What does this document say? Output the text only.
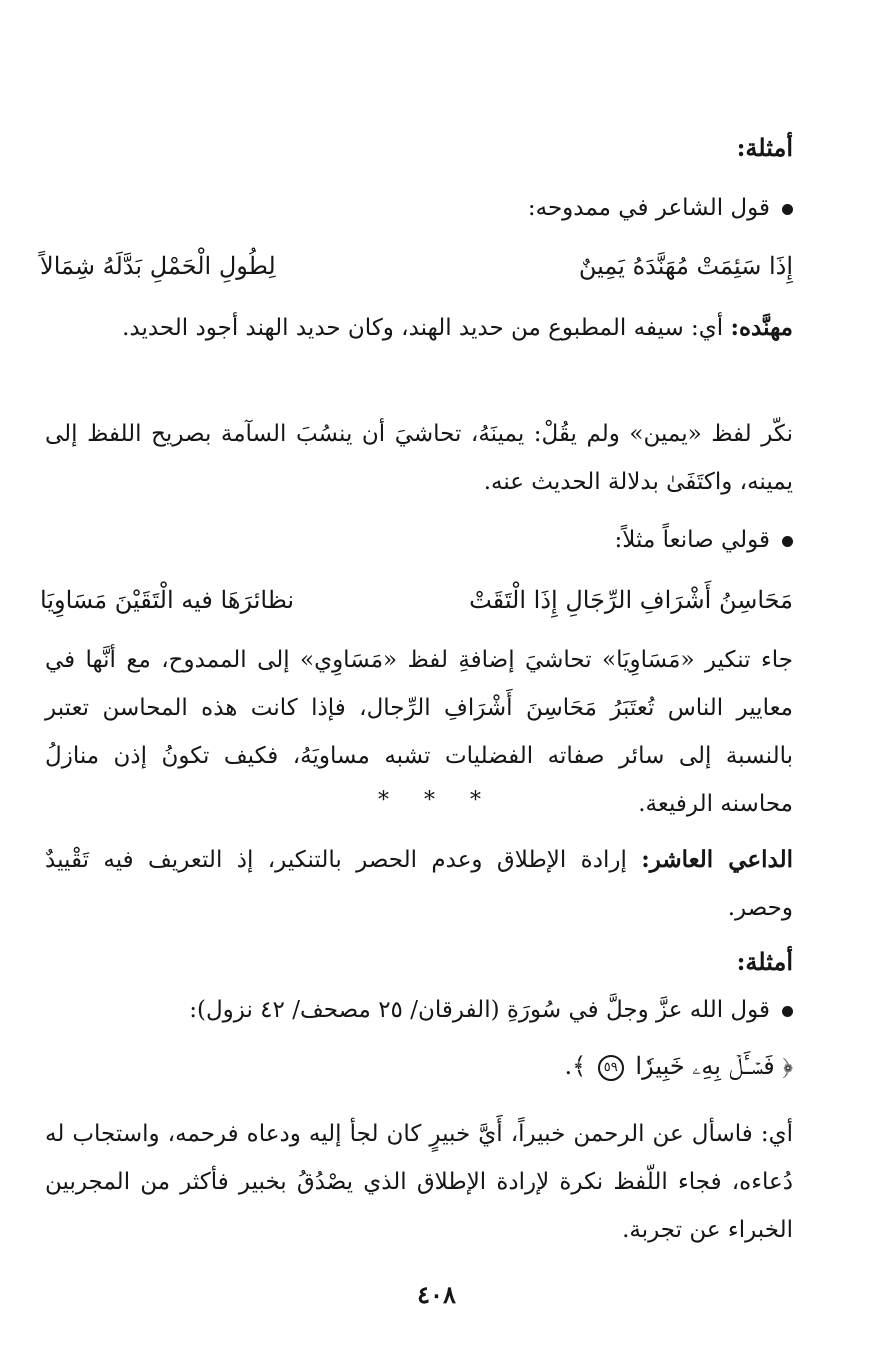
أمثلة:
قول الشاعر في ممدوحه:
إِذَا سَئِمَتْ مُهَنَّدَهُ يَمِينٌ
لِطُولِ الْحَمْلِ بَدَّلَهُ شِمَالاً

مهنَّده: أي: سيفه المطبوع من حديد الهند، وكان حديد الهند أجود الحديد.

نكّر لفظ «يمين» ولم يقُلْ: يمينَهُ، تحاشيَ أن ينسُبَ السآمة بصريح اللفظ إلى يمينه، واكتَفَىٰ بدلالة الحديث عنه.

قولي صانعاً مثلاً:
مَحَاسِنُ أَشْرَافِ الرِّجَالِ إِذَا الْتَقَتْ
نظائرَهَا فيه الْتَقَيْنَ مَسَاوِيَا

جاء تنكير «مَسَاوِيَا» تحاشيَ إضافةِ لفظ «مَسَاوِي» إلى الممدوح، مع أنَّها في معايير الناس تُعتَبَرُ مَحَاسِنَ أَشْرَافِ الرِّجال، فإذا كانت هذه المحاسن تعتبر بالنسبة إلى سائر صفاته الفضليات تشبه مساويَهُ، فكيف تكونُ إذن منازلُ محاسنه الرفيعة.

* * *

الداعي العاشر: إرادة الإطلاق وعدم الحصر بالتنكير، إذ التعريف فيه تَقْييدٌ وحصر.

أمثلة:
قول الله عزَّ وجلَّ في سُورَةِ (الفرقان/ ٢٥ مصحف/ ٤٢ نزول):
﴿ فَسۡـَٔلۡ بِهِۦ خَبِيرٗا ٥٩ ﴾.

أي: فاسأل عن الرحمن خبيراً، أَيَّ خبيرٍ كان لجأ إليه ودعاه فرحمه، واستجاب له دُعاءه، فجاء اللّفظ نكرة لإرادة الإطلاق الذي يصْدُقُ بخبير فأكثر من المجربين الخبراء عن تجربة.

٤٠٨
